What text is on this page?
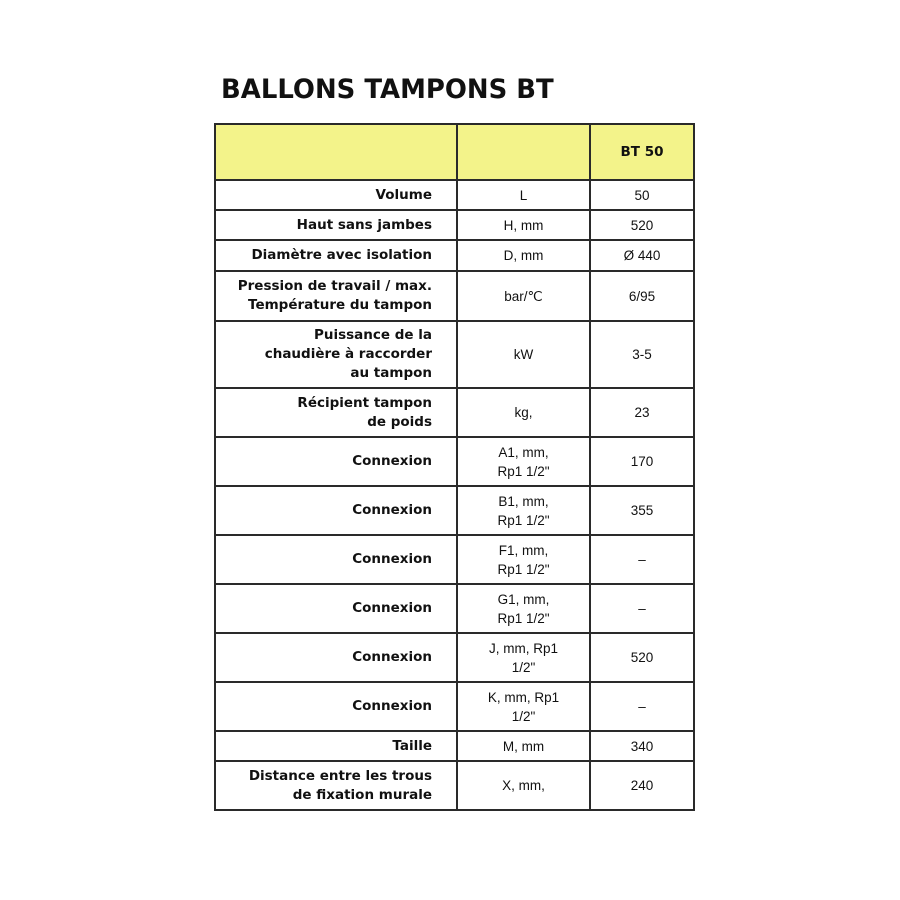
BALLONS TAMPONS BT
		BT 50

Volume	L	50

Haut sans jambes	H, mm	520

Diamètre avec isolation	D, mm	Ø 440

Pression de travail / max.
Température du tampon	bar/℃	6/95

Puissance de la
chaudière à raccorder
au tampon	kW	3-5

Récipient tampon
de poids	kg,	23

Connexion	A1, mm,
Rp1 1/2"	170

Connexion	B1, mm,
Rp1 1/2"	355

Connexion	F1, mm,
Rp1 1/2"	–

Connexion	G1, mm,
Rp1 1/2"	–

Connexion	J, mm, Rp1
1/2"	520

Connexion	K, mm, Rp1
1/2"	–

Taille	M, mm	340

Distance entre les trous
de fixation murale	X, mm,	240
